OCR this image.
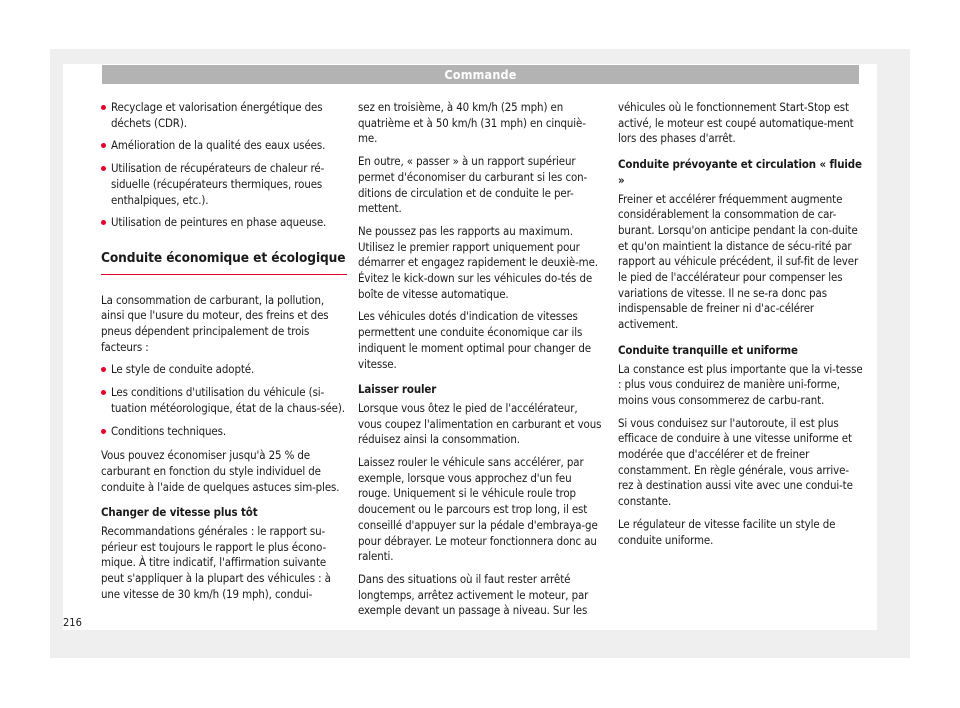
Commande

Recyclage et valorisation énergétique des déchets (CDR).

Amélioration de la qualité des eaux usées.

Utilisation de récupérateurs de chaleur ré-siduelle (récupérateurs thermiques, roues enthalpiques, etc.).

Utilisation de peintures en phase aqueuse.

Conduite économique et écologique

La consommation de carburant, la pollution, ainsi que l'usure du moteur, des freins et des pneus dépendent principalement de trois facteurs :

Le style de conduite adopté.

Les conditions d'utilisation du véhicule (si-tuation météorologique, état de la chaus-sée).

Conditions techniques.

Vous pouvez économiser jusqu'à 25 % de carburant en fonction du style individuel de conduite à l'aide de quelques astuces sim-ples.

Changer de vitesse plus tôt

Recommandations générales : le rapport su-périeur est toujours le rapport le plus écono-mique. À titre indicatif, l'affirmation suivante peut s'appliquer à la plupart des véhicules : à une vitesse de 30 km/h (19 mph), condui-

sez en troisième, à 40 km/h (25 mph) en quatrième et à 50 km/h (31 mph) en cinquiè-me.

En outre, « passer » à un rapport supérieur permet d'économiser du carburant si les con-ditions de circulation et de conduite le per-mettent.

Ne poussez pas les rapports au maximum. Utilisez le premier rapport uniquement pour démarrer et engagez rapidement le deuxiè-me. Évitez le kick-down sur les véhicules do-tés de boîte de vitesse automatique.

Les véhicules dotés d'indication de vitesses permettent une conduite économique car ils indiquent le moment optimal pour changer de vitesse.

Laisser rouler

Lorsque vous ôtez le pied de l'accélérateur, vous coupez l'alimentation en carburant et vous réduisez ainsi la consommation.

Laissez rouler le véhicule sans accélérer, par exemple, lorsque vous approchez d'un feu rouge. Uniquement si le véhicule roule trop doucement ou le parcours est trop long, il est conseillé d'appuyer sur la pédale d'embraya-ge pour débrayer. Le moteur fonctionnera donc au ralenti.

Dans des situations où il faut rester arrêté longtemps, arrêtez activement le moteur, par exemple devant un passage à niveau. Sur les

véhicules où le fonctionnement Start-Stop est activé, le moteur est coupé automatique-ment lors des phases d'arrêt.

Conduite prévoyante et circulation « fluide »

Freiner et accélérer fréquemment augmente considérablement la consommation de car-burant. Lorsqu'on anticipe pendant la con-duite et qu'on maintient la distance de sécu-rité par rapport au véhicule précédent, il suf-fit de lever le pied de l'accélérateur pour compenser les variations de vitesse. Il ne se-ra donc pas indispensable de freiner ni d'ac-célérer activement.

Conduite tranquille et uniforme

La constance est plus importante que la vi-tesse : plus vous conduirez de manière uni-forme, moins vous consommerez de carbu-rant.

Si vous conduisez sur l'autoroute, il est plus efficace de conduire à une vitesse uniforme et modérée que d'accélérer et de freiner constamment. En règle générale, vous arrive-rez à destination aussi vite avec une condui-te constante.

Le régulateur de vitesse facilite un style de conduite uniforme.

216
